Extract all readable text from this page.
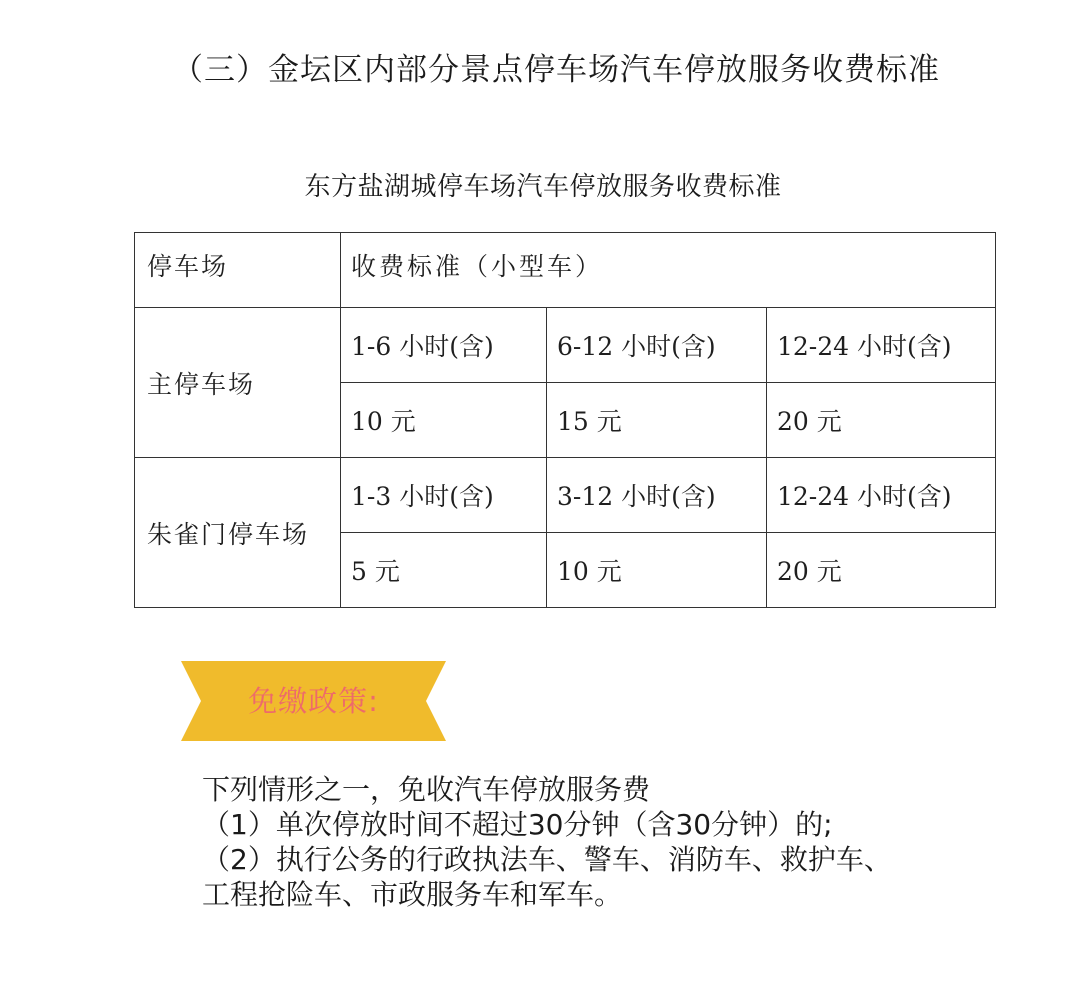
（三）金坛区内部分景点停车场汽车停放服务收费标准
东方盐湖城停车场汽车停放服务收费标准
停车场	收费标准（小型车）		
主停车场	1-6 小时(含)	6-12 小时(含)	12-24 小时(含)
	10 元	15 元	20 元
朱雀门停车场	1-3 小时(含)	3-12 小时(含)	12-24 小时(含)
	5 元	10 元	20 元
免缴政策:
下列情形之一，免收汽车停放服务费
（1）单次停放时间不超过30分钟（含30分钟）的;
（2）执行公务的行政执法车、警车、消防车、救护车、
工程抢险车、市政服务车和军车。
